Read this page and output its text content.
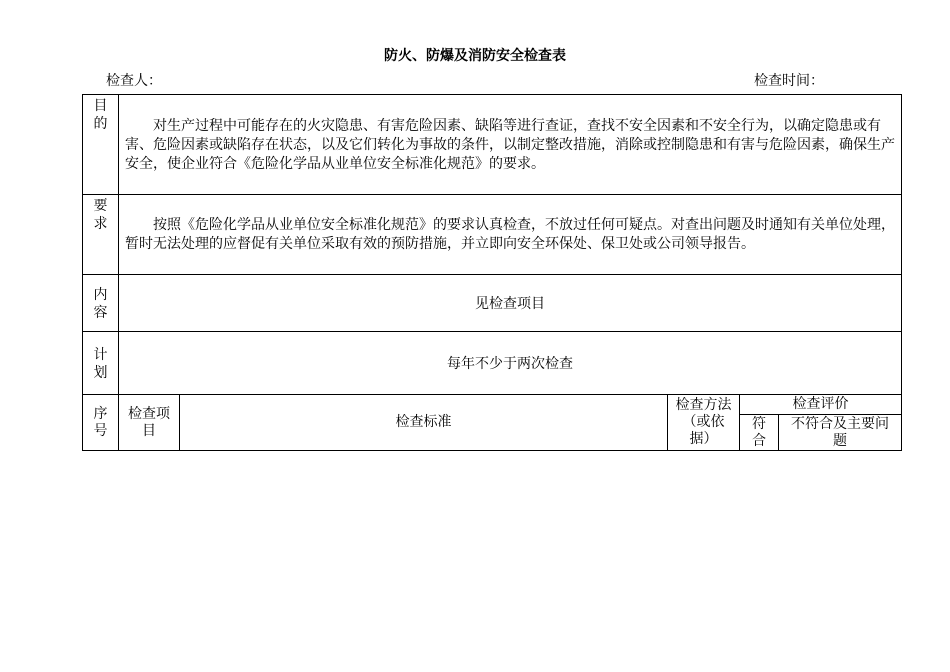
防火、防爆及消防安全检查表
检查人：	检查时间：
目的	对生产过程中可能存在的火灾隐患、有害危险因素、缺陷等进行查证，查找不安全因素和不安全行为，以确定隐患或有害、危险因素或缺陷存在状态，以及它们转化为事故的条件，以制定整改措施，消除或控制隐患和有害与危险因素，确保生产安全，使企业符合《危险化学品从业单位安全标准化规范》的要求。				
要求	按照《危险化学品从业单位安全标准化规范》的要求认真检查，不放过任何可疑点。对查出问题及时通知有关单位处理，暂时无法处理的应督促有关单位采取有效的预防措施，并立即向安全环保处、保卫处或公司领导报告。				
内容	见检查项目				
计划	每年不少于两次检查				
序号	检查项目	检查标准	检查方法（或依据）	检查评价	
				符合	不符合及主要问题
